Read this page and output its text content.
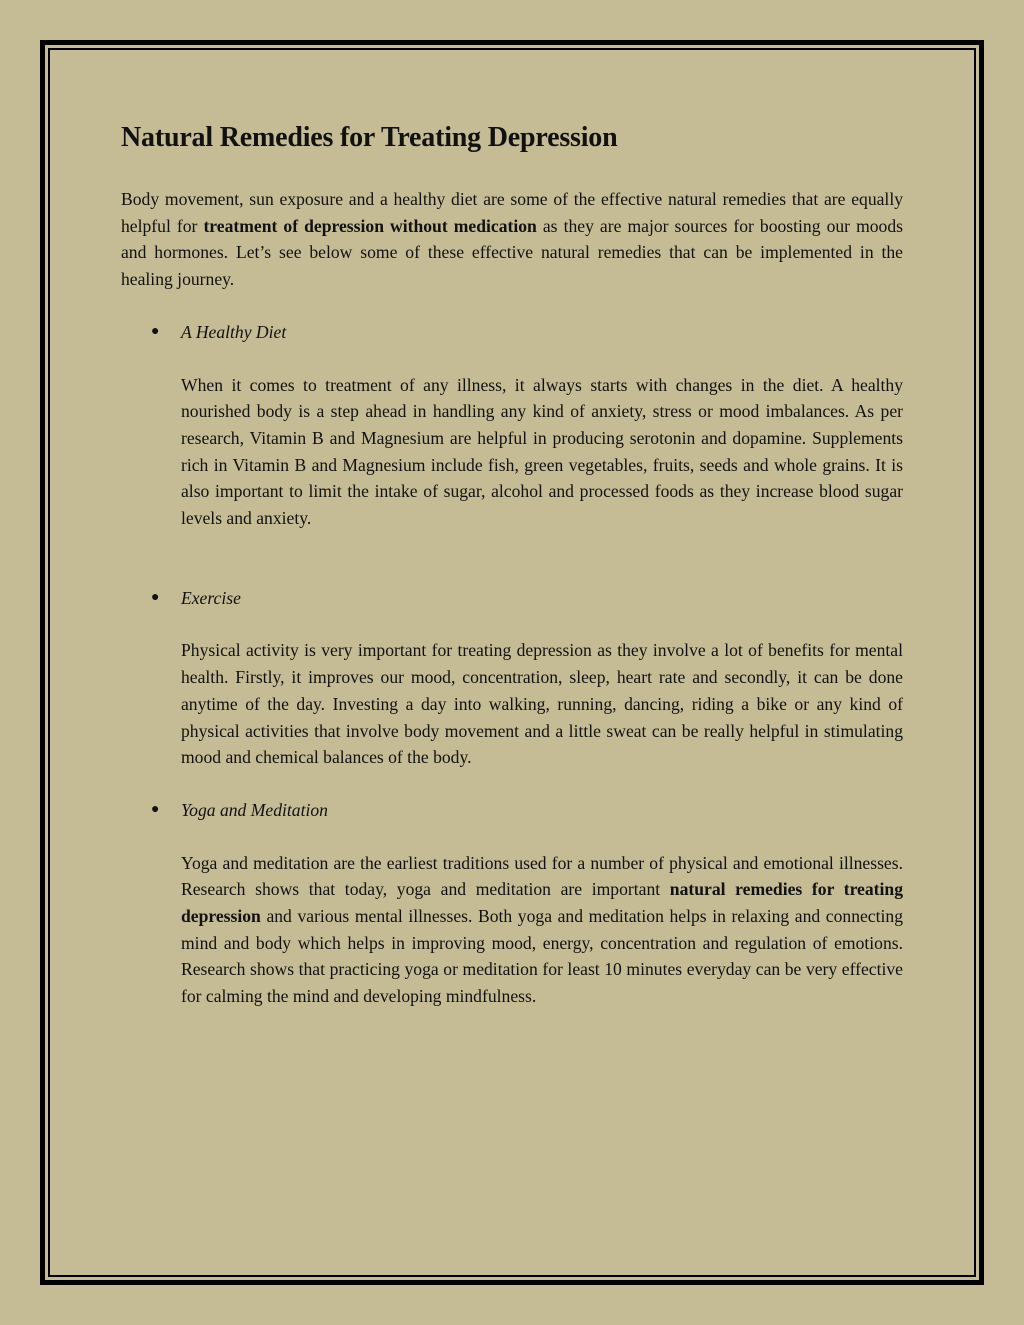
Natural Remedies for Treating Depression

Body movement, sun exposure and a healthy diet are some of the effective natural remedies that are equally helpful for treatment of depression without medication as they are major sources for boosting our moods and hormones. Let’s see below some of these effective natural remedies that can be implemented in the healing journey.

● A Healthy Diet

When it comes to treatment of any illness, it always starts with changes in the diet. A healthy nourished body is a step ahead in handling any kind of anxiety, stress or mood imbalances. As per research, Vitamin B and Magnesium are helpful in producing serotonin and dopamine. Supplements rich in Vitamin B and Magnesium include fish, green vegetables, fruits, seeds and whole grains. It is also important to limit the intake of sugar, alcohol and processed foods as they increase blood sugar levels and anxiety.

● Exercise

Physical activity is very important for treating depression as they involve a lot of benefits for mental health. Firstly, it improves our mood, concentration, sleep, heart rate and secondly, it can be done anytime of the day. Investing a day into walking, running, dancing, riding a bike or any kind of physical activities that involve body movement and a little sweat can be really helpful in stimulating mood and chemical balances of the body.

● Yoga and Meditation

Yoga and meditation are the earliest traditions used for a number of physical and emotional illnesses. Research shows that today, yoga and meditation are important natural remedies for treating depression and various mental illnesses. Both yoga and meditation helps in relaxing and connecting mind and body which helps in improving mood, energy, concentration and regulation of emotions. Research shows that practicing yoga or meditation for least 10 minutes everyday can be very effective for calming the mind and developing mindfulness.
